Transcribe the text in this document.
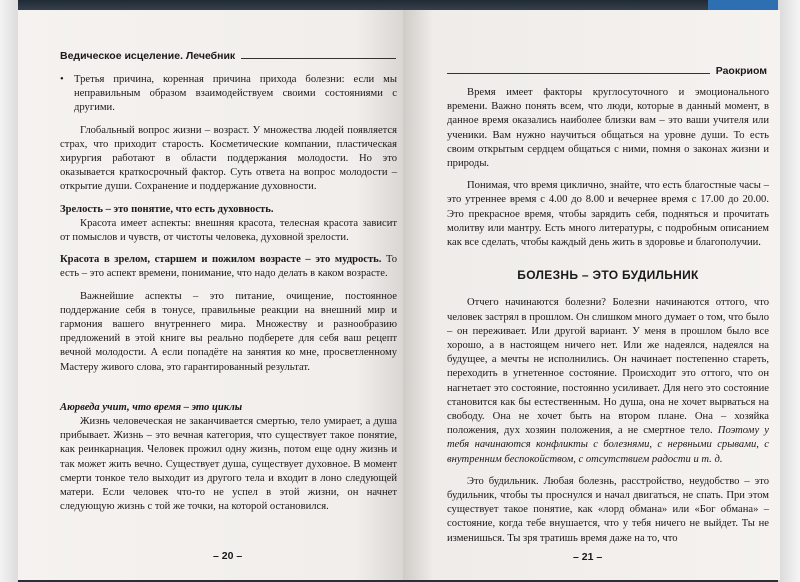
Ведическое исцеление. Лечебник

• Третья причина, коренная причина прихода болезни: если мы неправильным образом взаимодействуем своими состояниями с другими.

Глобальный вопрос жизни – возраст. У множества людей появляется страх, что приходит старость. Косметические компании, пластическая хирургия работают в области поддержания молодости. Но это оказывается краткосрочный фактор. Суть ответа на вопрос молодости – открытие души. Сохранение и поддержание духовности.

Зрелость – это понятие, что есть духовность.

Красота имеет аспекты: внешняя красота, телесная красота зависит от помыслов и чувств, от чистоты человека, духовной зрелости.

Красота в зрелом, старшем и пожилом возрасте – это мудрость. То есть – это аспект времени, понимание, что надо делать в каком возрасте.

Важнейшие аспекты – это питание, очищение, постоянное поддержание себя в тонусе, правильные реакции на внешний мир и гармония вашего внутреннего мира. Множеству и разнообразию предложений в этой книге вы реально подберете для себя ваш рецепт вечной молодости. А если попадёте на занятия ко мне, просветленному Мастеру живого слова, это гарантированный результат.

Аюрведа учит, что время – это циклы

Жизнь человеческая не заканчивается смертью, тело умирает, а душа прибывает. Жизнь – это вечная категория, что существует такое понятие, как реинкарнация. Человек прожил одну жизнь, потом еще одну жизнь и так может жить вечно. Существует душа, существует духовное. В момент смерти тонкое тело выходит из другого тела и входит в лоно следующей матери. Если человек что-то не успел в этой жизни, он начнет следующую жизнь с той же точки, на которой остановился.

– 20 –
Раокриом

Время имеет факторы круглосуточного и эмоционального времени. Важно понять всем, что люди, которые в данный момент, в данное время оказались наиболее близки вам – это ваши учителя или ученики. Вам нужно научиться общаться на уровне души. То есть своим открытым сердцем общаться с ними, помня о законах жизни и природы.

Понимая, что время циклично, знайте, что есть благостные часы – это утреннее время с 4.00 до 8.00 и вечернее время с 17.00 до 20.00. Это прекрасное время, чтобы зарядить себя, подняться и прочитать молитву или мантру. Есть много литературы, с подробным описанием как все сделать, чтобы каждый день жить в здоровье и благополучии.

БОЛЕЗНЬ – ЭТО БУДИЛЬНИК

Отчего начинаются болезни? Болезни начинаются оттого, что человек застрял в прошлом. Он слишком много думает о том, что было – он переживает. Или другой вариант. У меня в прошлом было все хорошо, а в настоящем ничего нет. Или же надеялся, надеялся на будущее, а мечты не исполнились. Он начинает постепенно стареть, переходить в угнетенное состояние. Происходит это оттого, что он нагнетает это состояние, постоянно усиливает. Для него это состояние становится как бы естественным. Но душа, она не хочет вырваться на свободу. Она не хочет быть на втором плане. Она – хозяйка положения, дух хозяин положения, а не смертное тело. Поэтому у тебя начинаются конфликты с болезнями, с нервными срывами, с внутренним беспокойством, с отсутствием радости и т. д.

Это будильник. Любая болезнь, расстройство, неудобство – это будильник, чтобы ты проснулся и начал двигаться, не спать. При этом существует такое понятие, как «лорд обмана» или «Бог обмана» – состояние, когда тебе внушается, что у тебя ничего не выйдет. Ты не изменишься. Ты зря тратишь время даже на то, что

– 21 –
